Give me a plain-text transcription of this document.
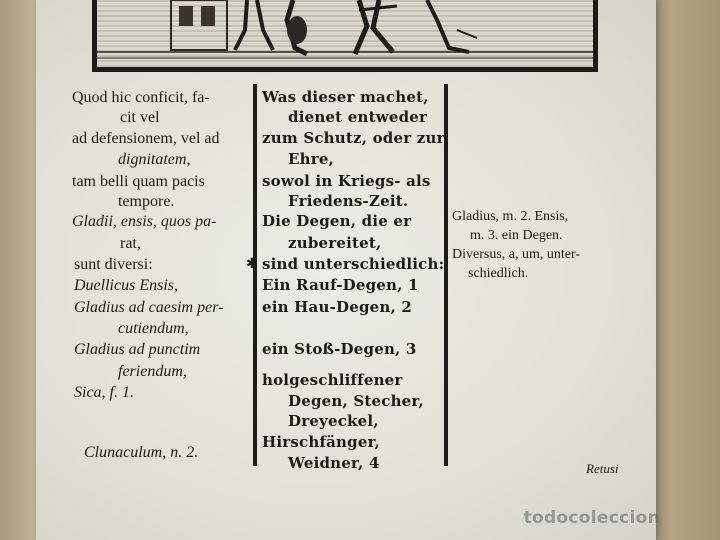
Quod hic conficit, fa-
cit vel
ad defensionem, vel ad
dignitatem,
tam belli quam pacis
tempore.
Gladii, ensis, quos pa-
rat,
sunt diversi:
Duellicus Ensis,
Gladius ad caesim per-
cutiendum,
Gladius ad punctim
feriendum,
Sica, f. 1.
Clunaculum, n. 2.
Was dieser machet,
dienet entweder
zum Schutz, oder zur
Ehre,
sowol in Kriegs- als
Friedens-Zeit.
Die Degen, die er
zubereitet,
sind unterschiedlich:
Ein Rauf-Degen, 1
ein Hau-Degen, 2
ein Stoß-Degen, 3
holgeschliffener
Degen, Stecher,
Dreyeckel,
Hirschfänger,
Weidner, 4
✱
Gladius, m. 2. Ensis,
m. 3. ein Degen.
Diversus, a, um, unter-
schiedlich.
Retusi
todocoleccion
